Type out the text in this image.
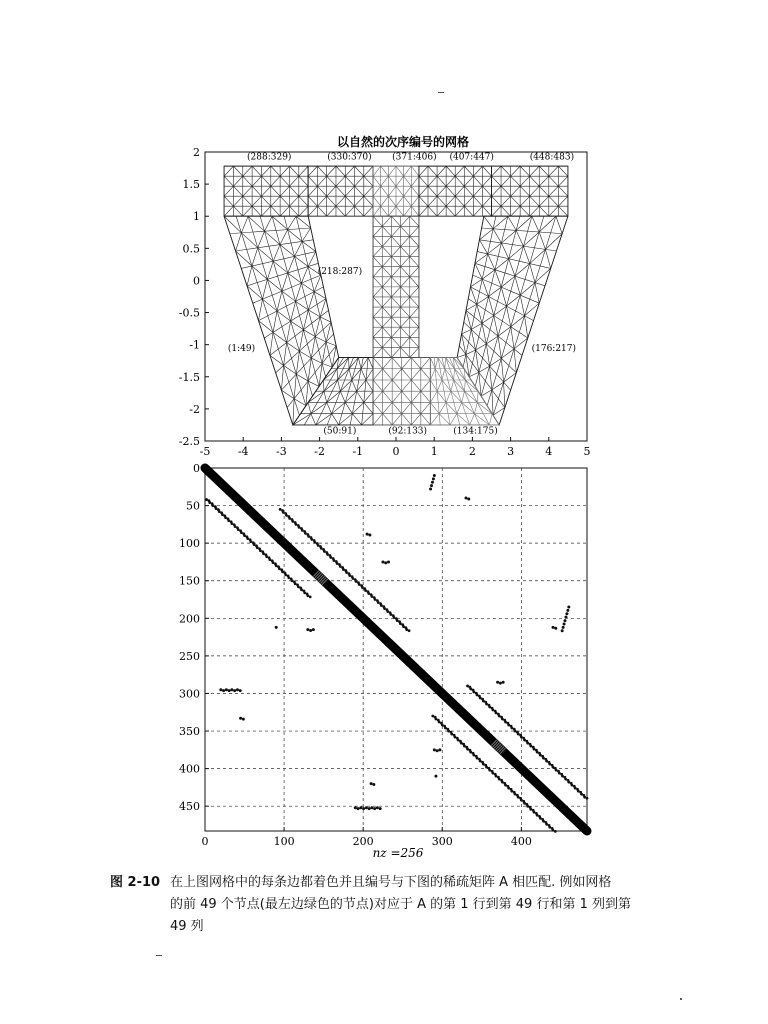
以自然的次序编号的网格
-5 -4 -3 -2 -1	0	1	2	3	4	5
2
1.5
1
0.5
0
-0.5
-1
-1.5
-2
-2.5
(288:329)	(330:370) (371:406) (407:447)	(448:483)
(218:287)
(1:49)	(176:217)
(50:91)	(92:133)	(134:175)
0	100	200	300	400
0
50
100
150
200
250
300
350
400
450
nz =256
图 2-10 在上图网格中的每条边都着色并且编号与下图的稀疏矩阵 A 相匹配. 例如网格
的前 49 个节点(最左边绿色的节点)对应于 A 的第 1 行到第 49 行和第 1 列到第
49 列
